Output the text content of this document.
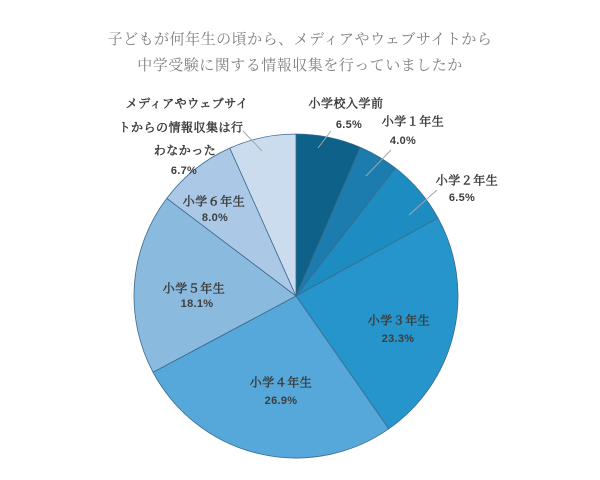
子どもが何年生の頃から、メディアやウェブサイトから
中学受験に関する情報収集を行っていましたか
小学校入学前
6.5% 小学１年生
4.0%
小学２年生
6.5%
小学３年生
23.3%
小学４年生
26.9%
小学５年生
18.1%
小学６年生
8.0%
メディアやウェブサイ
トからの情報収集は行
わなかった
6.7%
